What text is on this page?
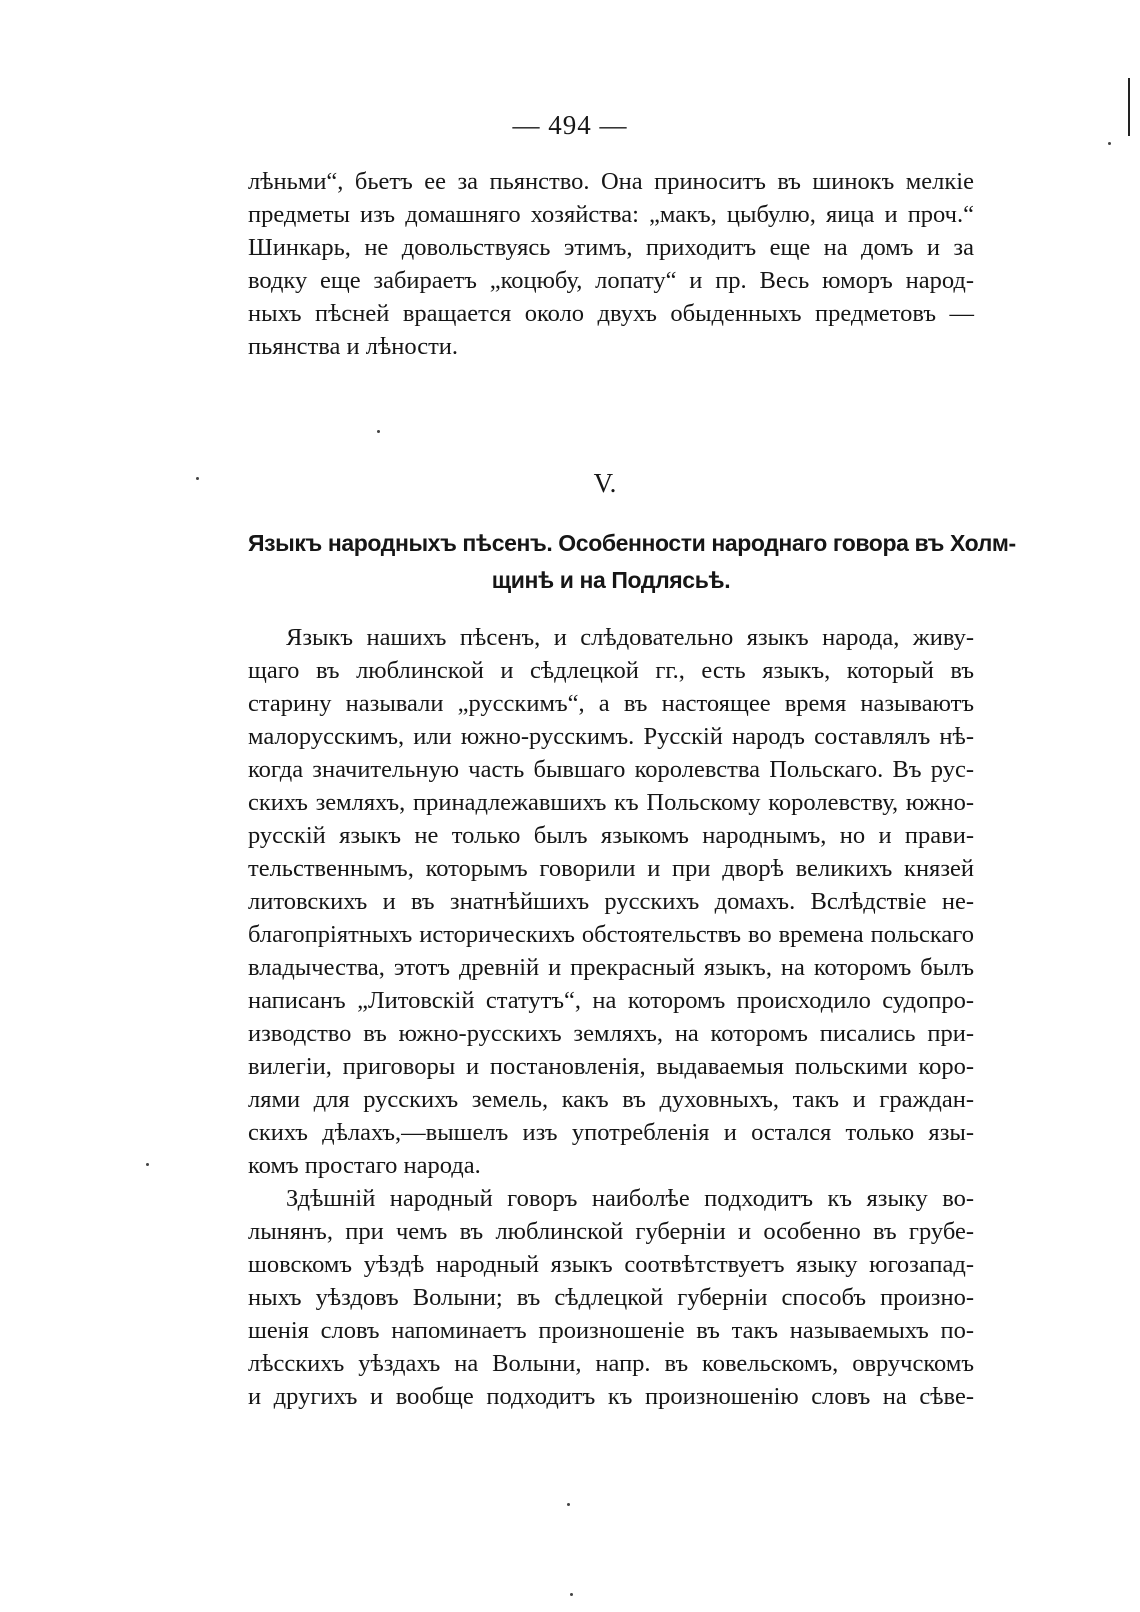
— 494 —
лѣньми“, бьетъ ее за пьянство. Она приноситъ въ шинокъ мелкіе
предметы изъ домашняго хозяйства: „макъ, цыбулю, яица и проч.“
Шинкарь, не довольствуясь этимъ, приходитъ еще на домъ и за
водку еще забираетъ „коцюбу, лопату“ и пр. Весь юморъ народ-
ныхъ пѣсней вращается около двухъ обыденныхъ предметовъ —
пьянства и лѣности.
V.
Языкъ народныхъ пѣсенъ. Особенности народнаго говора въ Холм-
щинѣ и на Подлясьѣ.
Языкъ нашихъ пѣсенъ, и слѣдовательно языкъ народа, живу-
щаго въ люблинской и сѣдлецкой гг., есть языкъ, который въ
старину называли „русскимъ“, а въ настоящее время называютъ
малорусскимъ, или южно-русскимъ. Русскій народъ составлялъ нѣ-
когда значительную часть бывшаго королевства Польскаго. Въ рус-
скихъ земляхъ, принадлежавшихъ къ Польскому королевству, южно-
русскій языкъ не только былъ языкомъ народнымъ, но и прави-
тельственнымъ, которымъ говорили и при дворѣ великихъ князей
литовскихъ и въ знатнѣйшихъ русскихъ домахъ. Вслѣдствіе не-
благопріятныхъ историческихъ обстоятельствъ во времена польскаго
владычества, этотъ древній и прекрасный языкъ, на которомъ былъ
написанъ „Литовскій статутъ“, на которомъ происходило судопро-
изводство въ южно-русскихъ земляхъ, на которомъ писались при-
вилегіи, приговоры и постановленія, выдаваемыя польскими коро-
лями для русскихъ земель, какъ въ духовныхъ, такъ и граждан-
скихъ дѣлахъ,—вышелъ изъ употребленія и остался только язы-
комъ простаго народа.
Здѣшній народный говоръ наиболѣе подходитъ къ языку во-
лынянъ, при чемъ въ люблинской губерніи и особенно въ грубе-
шовскомъ уѣздѣ народный языкъ соотвѣтствуетъ языку югозапад-
ныхъ уѣздовъ Волыни; въ сѣдлецкой губерніи способъ произно-
шенія словъ напоминаетъ произношеніе въ такъ называемыхъ по-
лѣсскихъ уѣздахъ на Волыни, напр. въ ковельскомъ, овручскомъ
и другихъ и вообще подходитъ къ произношенію словъ на сѣве-
